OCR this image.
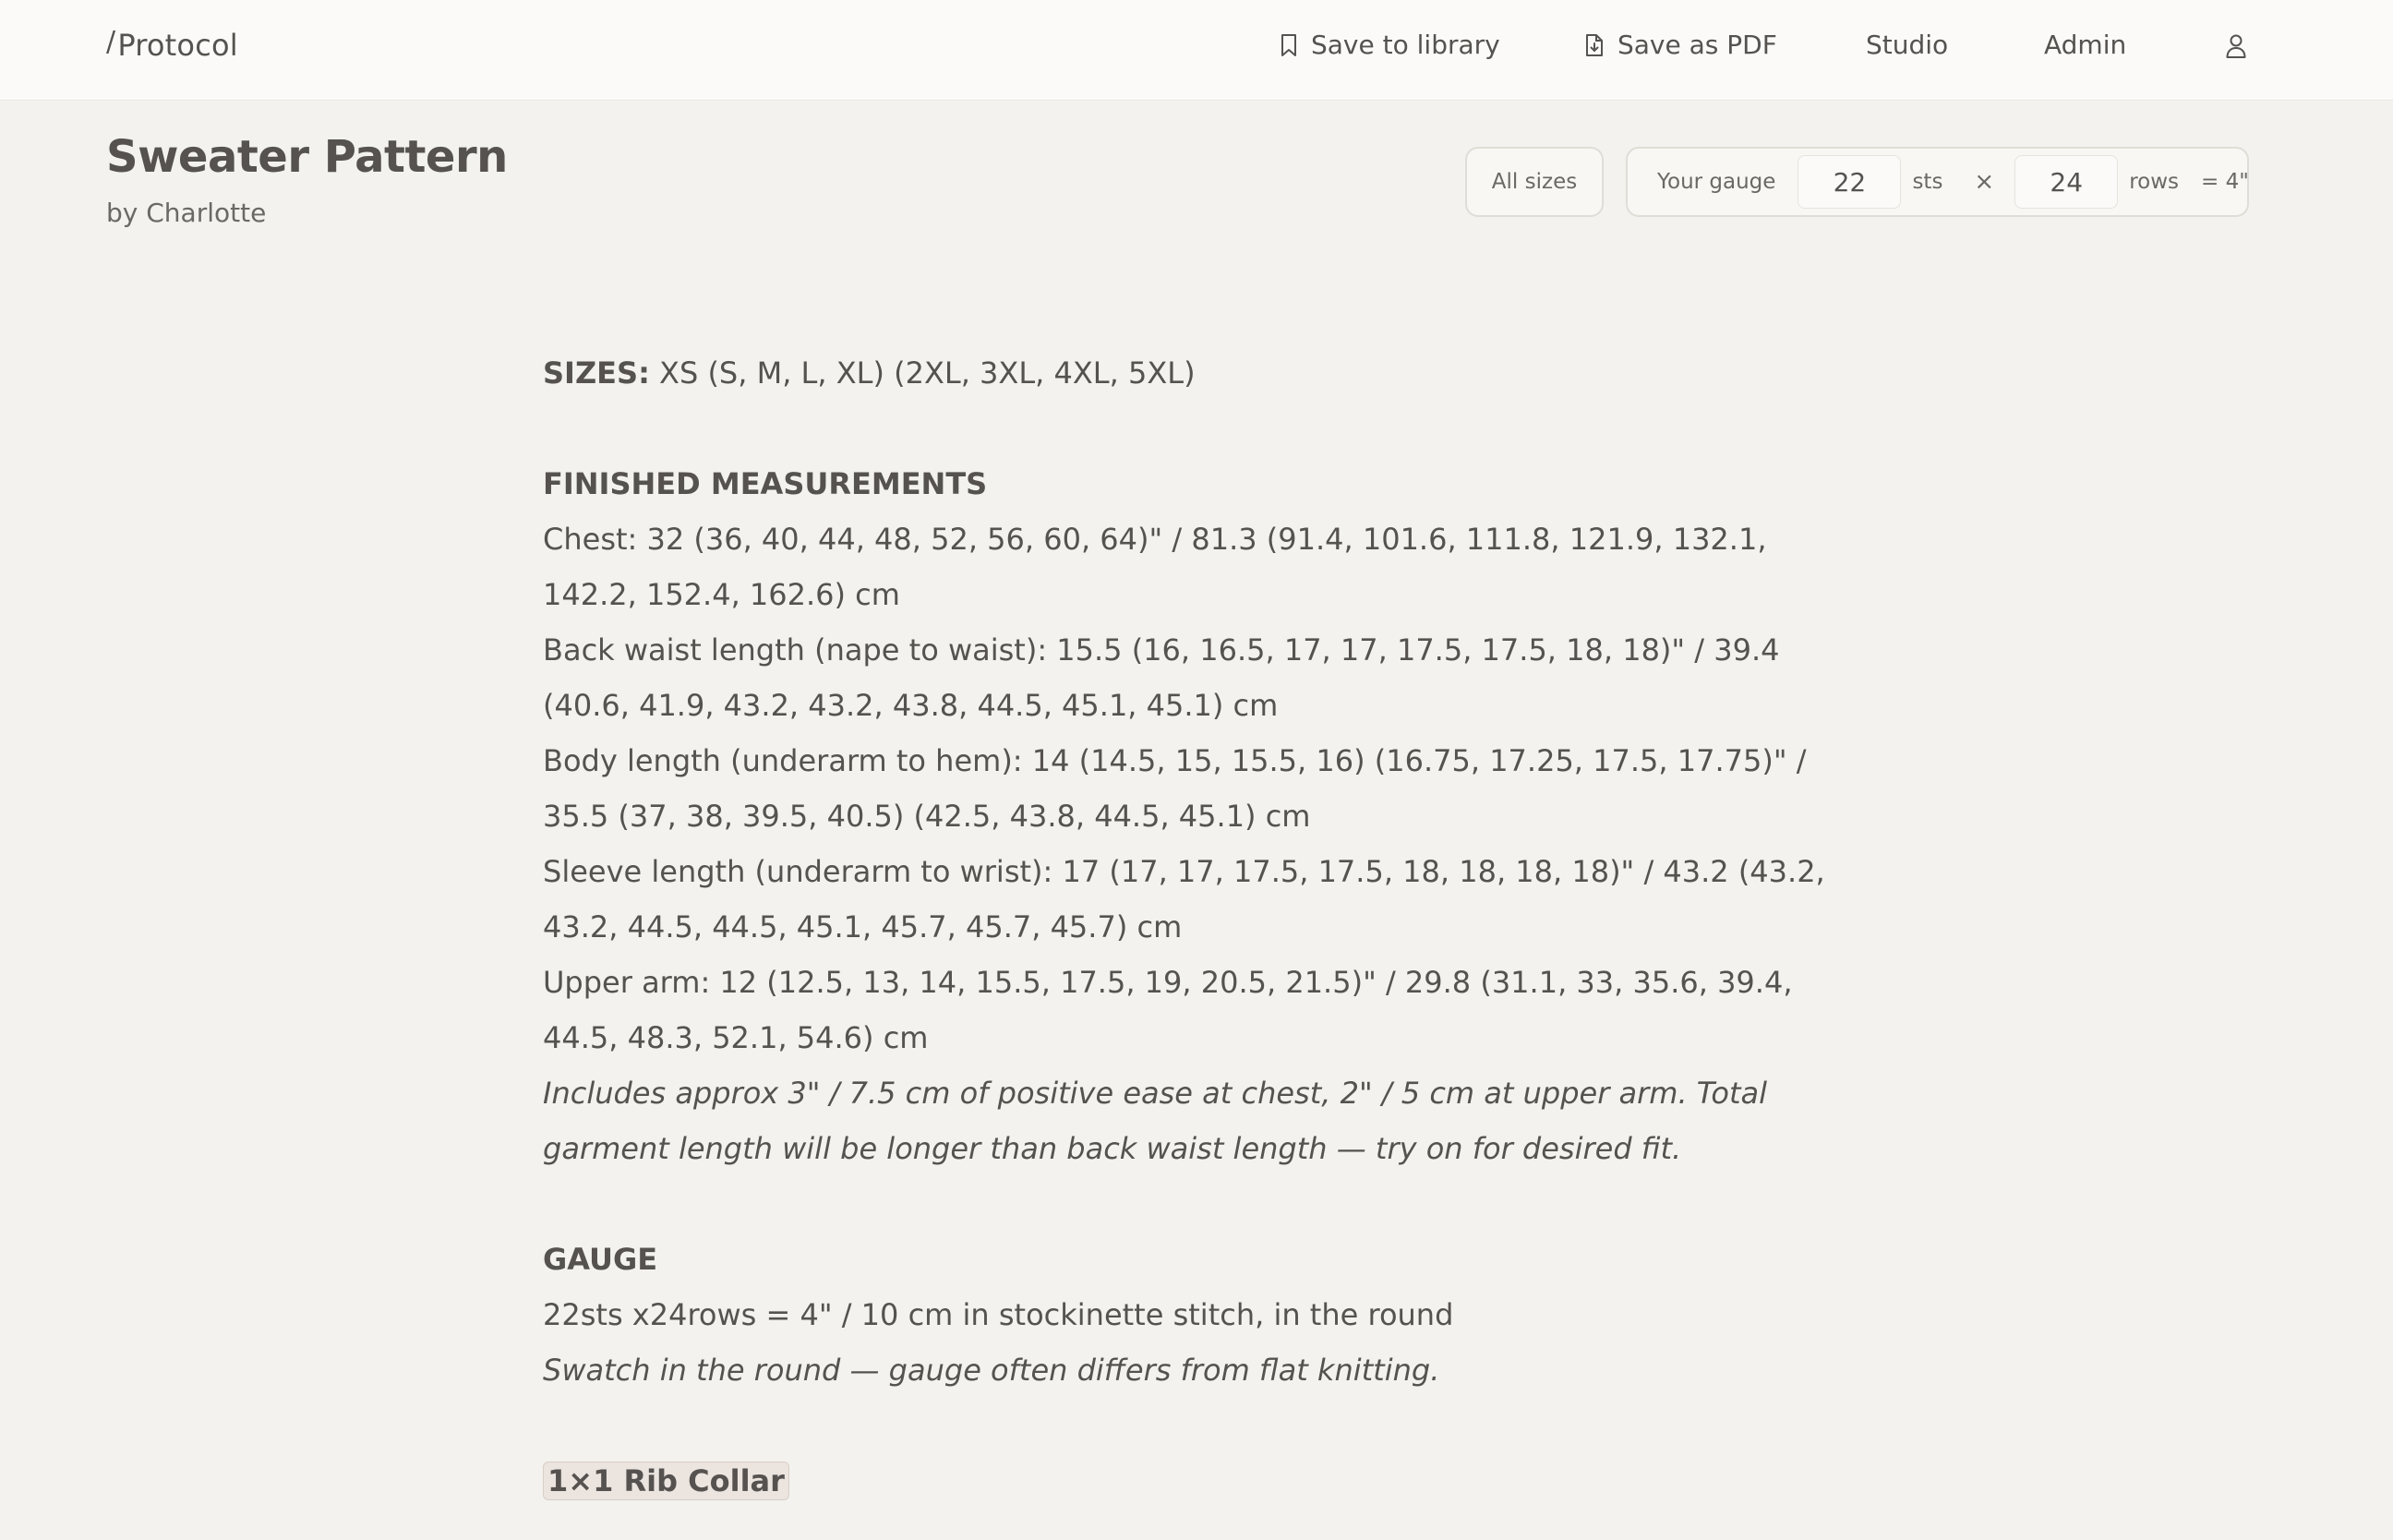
/ Protocol	Save to library	Save as PDF	Studio	Admin
Sweater Pattern
by Charlotte
All sizes	Your gauge
22	sts ×
24	rows = 4"

SIZES: XS (S, M, L, XL) (2XL, 3XL, 4XL, 5XL)

FINISHED MEASUREMENTS

Chest: 32 (36, 40, 44, 48, 52, 56, 60, 64)" / 81.3 (91.4, 101.6, 111.8, 121.9, 132.1, 142.2, 152.4, 162.6) cm

Back waist length (nape to waist): 15.5 (16, 16.5, 17, 17, 17.5, 17.5, 18, 18)" / 39.4 (40.6, 41.9, 43.2, 43.2, 43.8, 44.5, 45.1, 45.1) cm

Body length (underarm to hem): 14 (14.5, 15, 15.5, 16) (16.75, 17.25, 17.5, 17.75)" / 35.5 (37, 38, 39.5, 40.5) (42.5, 43.8, 44.5, 45.1) cm

Sleeve length (underarm to wrist): 17 (17, 17, 17.5, 17.5, 18, 18, 18, 18)" / 43.2 (43.2, 43.2, 44.5, 44.5, 45.1, 45.7, 45.7, 45.7) cm

Upper arm: 12 (12.5, 13, 14, 15.5, 17.5, 19, 20.5, 21.5)" / 29.8 (31.1, 33, 35.6, 39.4, 44.5, 48.3, 52.1, 54.6) cm

Includes approx 3" / 7.5 cm of positive ease at chest, 2" / 5 cm at upper arm. Total garment length will be longer than back waist length — try on for desired fit.

GAUGE

22sts x24rows = 4" / 10 cm in stockinette stitch, in the round

Swatch in the round — gauge often differs from flat knitting.

1×1 Rib Collar
